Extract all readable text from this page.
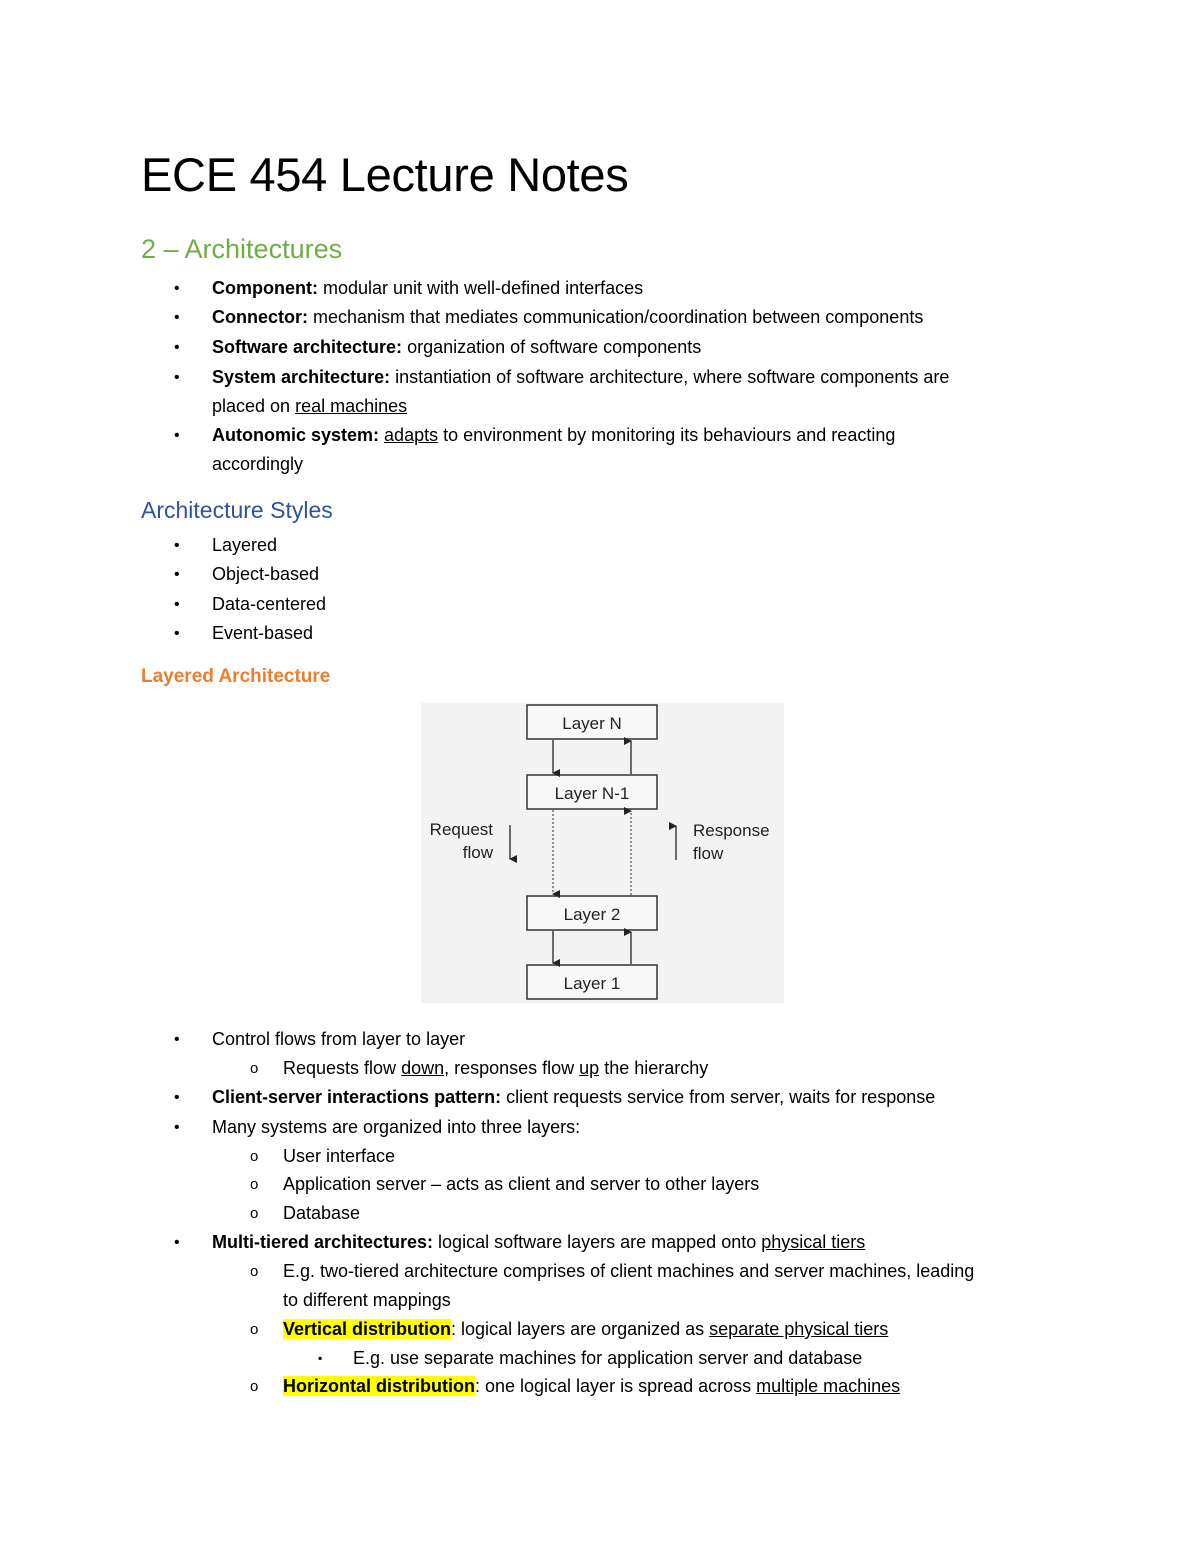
ECE 454 Lecture Notes
2 – Architectures
• Component: modular unit with well-defined interfaces
• Connector: mechanism that mediates communication/coordination between components
• Software architecture: organization of software components
• System architecture: instantiation of software architecture, where software components are
placed on real machines
• Autonomic system: adapts to environment by monitoring its behaviours and reacting
accordingly
Architecture Styles
• Layered
• Object-based
• Data-centered
• Event-based
Layered Architecture
Layer N
Layer N-1
Layer 2
Layer 1
Request
flow
Response
flow
• Control flows from layer to layer
o Requests flow down, responses flow up the hierarchy
• Client-server interactions pattern: client requests service from server, waits for response
• Many systems are organized into three layers:
o User interface
o Application server – acts as client and server to other layers
o Database
• Multi-tiered architectures: logical software layers are mapped onto physical tiers
o E.g. two-tiered architecture comprises of client machines and server machines, leading
to different mappings
o Vertical distribution: logical layers are organized as separate physical tiers
▪ E.g. use separate machines for application server and database
o Horizontal distribution: one logical layer is spread across multiple machines
